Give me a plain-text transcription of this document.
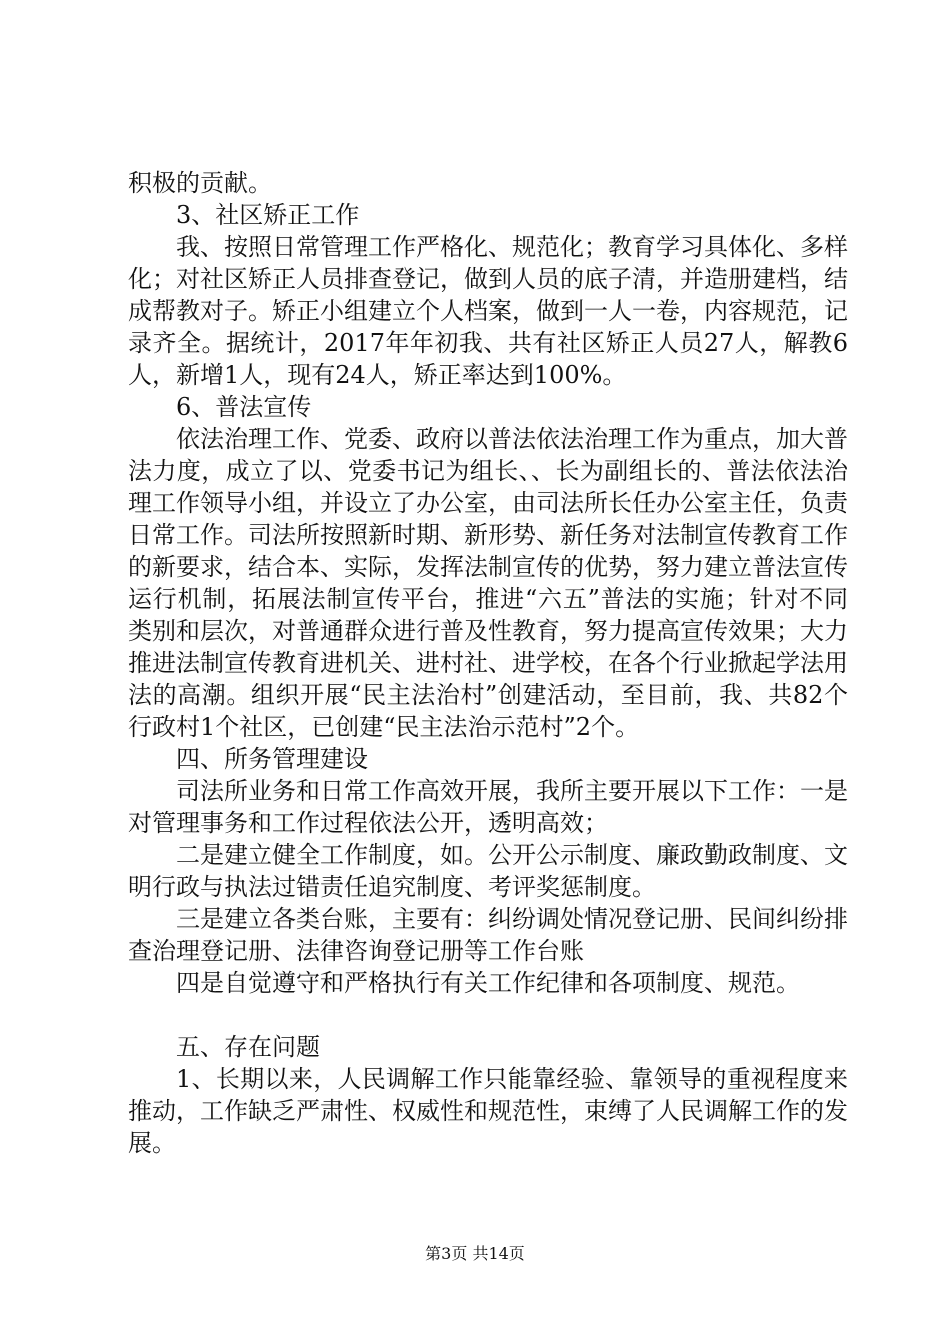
积极的贡献。

3、社区矫正工作

我、按照日常管理工作严格化、规范化；教育学习具体化、多样化；对社区矫正人员排查登记，做到人员的底子清，并造册建档，结成帮教对子。矫正小组建立个人档案，做到一人一卷，内容规范，记录齐全。据统计，2017年年初我、共有社区矫正人员27人，解教6人，新增1人，现有24人，矫正率达到100%。

6、普法宣传

依法治理工作、党委、政府以普法依法治理工作为重点，加大普法力度，成立了以、党委书记为组长、、长为副组长的、普法依法治理工作领导小组，并设立了办公室，由司法所长任办公室主任，负责日常工作。司法所按照新时期、新形势、新任务对法制宣传教育工作的新要求，结合本、实际，发挥法制宣传的优势，努力建立普法宣传运行机制，拓展法制宣传平台，推进“六五”普法的实施；针对不同类别和层次，对普通群众进行普及性教育，努力提高宣传效果；大力推进法制宣传教育进机关、进村社、进学校，在各个行业掀起学法用法的高潮。组织开展“民主法治村”创建活动，至目前，我、共82个行政村1个社区，已创建“民主法治示范村”2个。

四、所务管理建设

司法所业务和日常工作高效开展，我所主要开展以下工作：一是对管理事务和工作过程依法公开，透明高效；

二是建立健全工作制度，如。公开公示制度、廉政勤政制度、文明行政与执法过错责任追究制度、考评奖惩制度。

三是建立各类台账，主要有：纠纷调处情况登记册、民间纠纷排查治理登记册、法律咨询登记册等工作台账

四是自觉遵守和严格执行有关工作纪律和各项制度、规范。

五、存在问题

1、长期以来，人民调解工作只能靠经验、靠领导的重视程度来推动，工作缺乏严肃性、权威性和规范性，束缚了人民调解工作的发展。

第3页 共14页
